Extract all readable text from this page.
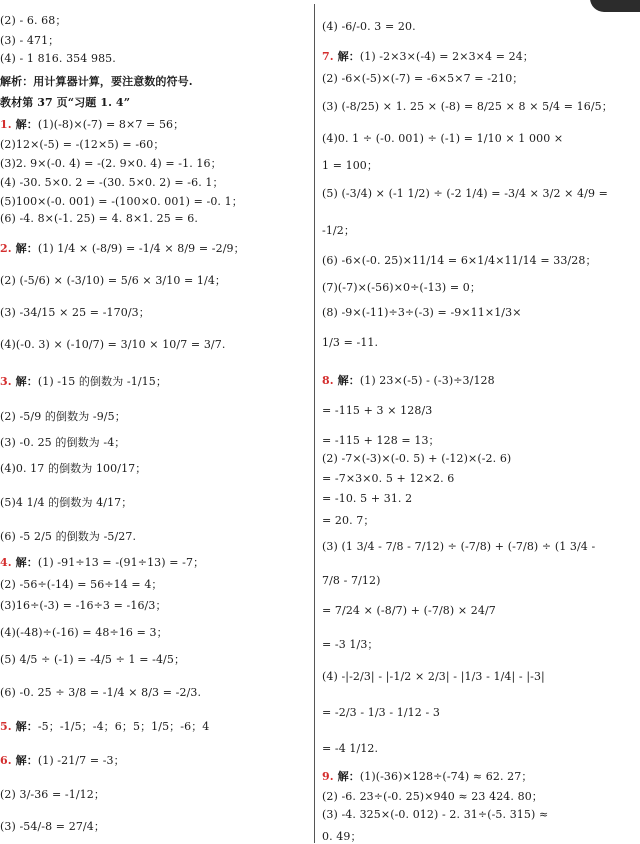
(2) - 6. 68；
(3) - 471；
(4) - 1 816. 354 985.
解析：用计算器计算，要注意数的符号.
教材第 37 页“习题 1. 4”
1. 解：(1)(-8)×(-7) = 8×7 = 56；
(2)12×(-5) = -(12×5) = -60；
(3)2. 9×(-0. 4) = -(2. 9×0. 4) = -1. 16；
(4) -30. 5×0. 2 = -(30. 5×0. 2) = -6. 1；
(5)100×(-0. 001) = -(100×0. 001) = -0. 1；
(6) -4. 8×(-1. 25) = 4. 8×1. 25 = 6.
2. 解：(1) 1/4 × (-8/9) = -1/4 × 8/9 = -2/9；
(2) (-5/6) × (-3/10) = 5/6 × 3/10 = 1/4；
(3) -34/15 × 25 = -170/3；
(4)(-0. 3) × (-10/7) = 3/10 × 10/7 = 3/7.
3. 解：(1) -15 的倒数为 -1/15；
(2) -5/9 的倒数为 -9/5；
(3) -0. 25 的倒数为 -4；
(4)0. 17 的倒数为 100/17；
(5)4 1/4 的倒数为 4/17；
(6) -5 2/5 的倒数为 -5/27.
4. 解：(1) -91÷13 = -(91÷13) = -7；
(2) -56÷(-14) = 56÷14 = 4；
(3)16÷(-3) = -16÷3 = -16/3；
(4)(-48)÷(-16) = 48÷16 = 3；
(5) 4/5 ÷ (-1) = -4/5 ÷ 1 = -4/5；
(6) -0. 25 ÷ 3/8 = -1/4 × 8/3 = -2/3.
5. 解：-5；-1/5；-4；6；5；1/5；-6；4
6. 解：(1) -21/7 = -3；
(2) 3/-36 = -1/12；
(3) -54/-8 = 27/4；
(4) -6/-0. 3 = 20.
7. 解：(1) -2×3×(-4) = 2×3×4 = 24；
(2) -6×(-5)×(-7) = -6×5×7 = -210；
(3) (-8/25) × 1. 25 × (-8) = 8/25 × 8 × 5/4 = 16/5；
(4)0. 1 ÷ (-0. 001) ÷ (-1) = 1/10 × 1 000 ×
1 = 100；
(5) (-3/4) × (-1 1/2) ÷ (-2 1/4) = -3/4 × 3/2 × 4/9 =
-1/2；
(6) -6×(-0. 25)×11/14 = 6×1/4×11/14 = 33/28；
(7)(-7)×(-56)×0÷(-13) = 0；
(8) -9×(-11)÷3÷(-3) = -9×11×1/3×
1/3 = -11.
8. 解：(1) 23×(-5) - (-3)÷3/128
= -115 + 3 × 128/3
= -115 + 128 = 13；
(2) -7×(-3)×(-0. 5) + (-12)×(-2. 6)
= -7×3×0. 5 + 12×2. 6
= -10. 5 + 31. 2
= 20. 7；
(3) (1 3/4 - 7/8 - 7/12) ÷ (-7/8) + (-7/8) ÷ (1 3/4 -
7/8 - 7/12)
= 7/24 × (-8/7) + (-7/8) × 24/7
= -3 1/3；
(4) -|-2/3| - |-1/2 × 2/3| - |1/3 - 1/4| - |-3|
= -2/3 - 1/3 - 1/12 - 3
= -4 1/12.
9. 解：(1)(-36)×128÷(-74) ≈ 62. 27；
(2) -6. 23÷(-0. 25)×940 ≈ 23 424. 80；
(3) -4. 325×(-0. 012) - 2. 31÷(-5. 315) ≈
0. 49；
